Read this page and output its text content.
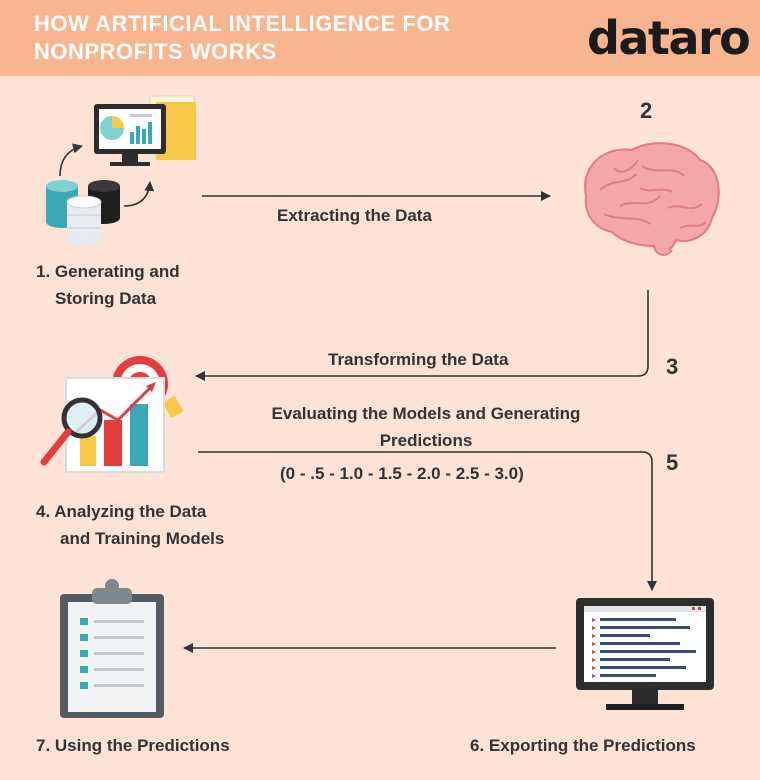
HOW ARTIFICIAL INTELLIGENCE FOR
NONPROFITS WORKS	dataro
1. Generating and
Storing Data
2
3
5
Extracting the Data
Transforming the Data
Evaluating the Models and Generating
Predictions
(0 - .5 - 1.0 - 1.5 - 2.0 - 2.5 - 3.0)
4. Analyzing the Data
and Training Models
6. Exporting the Predictions
7. Using the Predictions
